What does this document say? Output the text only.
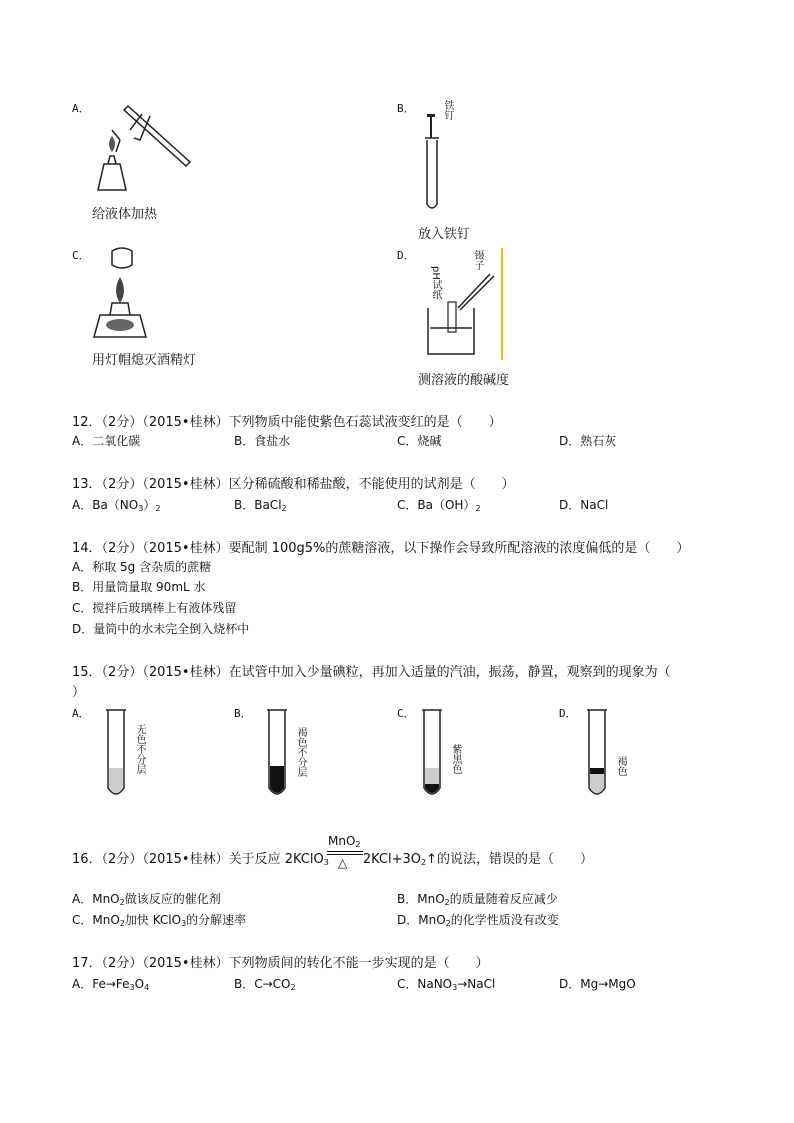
A．
给液体加热
B．	铁钉
放入铁钉
C．
用灯帽熄灭酒精灯
D．
pH试纸
镊子
测溶液的酸碱度
12．（2分）（2015•桂林）下列物质中能使紫色石蕊试液变红的是（　　）
A．二氧化碳	B．食盐水	C．烧碱	D．熟石灰
13．（2分）（2015•桂林）区分稀硫酸和稀盐酸，不能使用的试剂是（　　）
A．$Ba(NO_3)_2$	B．BaCl$_2$	C．$Ba(OH)_2$	D．NaCl
14．（2分）（2015•桂林）要配制 100g5%的蔗糖溶液，以下操作会导致所配溶液的浓度偏低的是（　　）
A．称取 5g 含杂质的蔗糖
B．用量筒量取 90mL 水
C．搅拌后玻璃棒上有液体残留
D．量筒中的水未完全倒入烧杯中
15．（2分）（2015•桂林）在试管中加入少量碘粒，再加入适量的汽油，振荡，静置，观察到的现象为（
）
A．
无色不分层
B．
褐色不分层
C．
紫黑色
D．
褐色
16．（2分）（2015•桂林）关于反应 2KClO$_3$	$2KCl+3O_2↑$的说法，错误的是（　　）
MnO$_2$
△
A．MnO$_2$做该反应的催化剂	B．MnO$_2$的质量随着反应减少
C．MnO$_2$加快 KClO$_3$的分解速率	D．MnO$_2$的化学性质没有改变
17．（2分）（2015•桂林）下列物质间的转化不能一步实现的是（　　）
A．$Fe\to Fe_3O_4$	B．$C\to CO_2$	C．NaNO$_3$→NaCl	D．Mg→MgO
